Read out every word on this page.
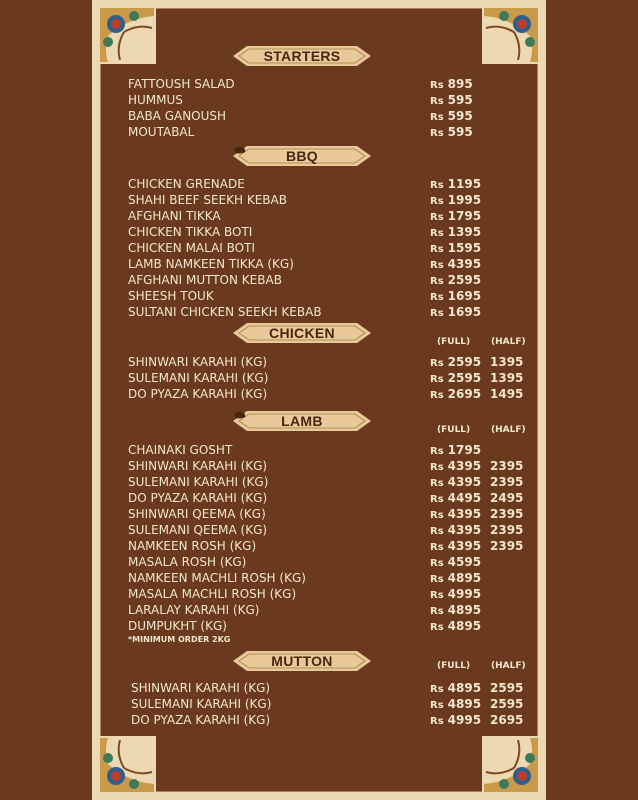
STARTERS
FATTOUSH SALAD	Rs 895
HUMMUS	Rs 595
BABA GANOUSH	Rs 595
MOUTABAL	Rs 595
BBQ
CHICKEN GRENADE	Rs 1195
SHAHI BEEF SEEKH KEBAB	Rs 1995
AFGHANI TIKKA	Rs 1795
CHICKEN TIKKA BOTI	Rs 1395
CHICKEN MALAI BOTI	Rs 1595
LAMB NAMKEEN TIKKA (KG)	Rs 4395
AFGHANI MUTTON KEBAB	Rs 2595
SHEESH TOUK	Rs 1695
SULTANI CHICKEN SEEKH KEBAB	Rs 1695
CHICKEN
(FULL) (HALF)
SHINWARI KARAHI (KG)	Rs 2595 1395
SULEMANI KARAHI (KG)	Rs 2595 1395
DO PYAZA KARAHI (KG)	Rs 2695 1495
LAMB
(FULL) (HALF)
CHAINAKI GOSHT	Rs 1795
SHINWARI KARAHI (KG)	Rs 4395 2395
SULEMANI KARAHI (KG)	Rs 4395 2395
DO PYAZA KARAHI (KG)	Rs 4495 2495
SHINWARI QEEMA (KG)	Rs 4395 2395
SULEMANI QEEMA (KG)	Rs 4395 2395
NAMKEEN ROSH (KG)	Rs 4395 2395
MASALA ROSH (KG)	Rs 4595
NAMKEEN MACHLI ROSH (KG)	Rs 4895
MASALA MACHLI ROSH (KG)	Rs 4995
LARALAY KARAHI (KG)	Rs 4895
DUMPUKHT (KG)	Rs 4895
*MINIMUM ORDER 2KG
MUTTON	(FULL) (HALF)
SHINWARI KARAHI (KG)	Rs 4895 2595
SULEMANI KARAHI (KG)	Rs 4895 2595
DO PYAZA KARAHI (KG)	Rs 4995 2695
